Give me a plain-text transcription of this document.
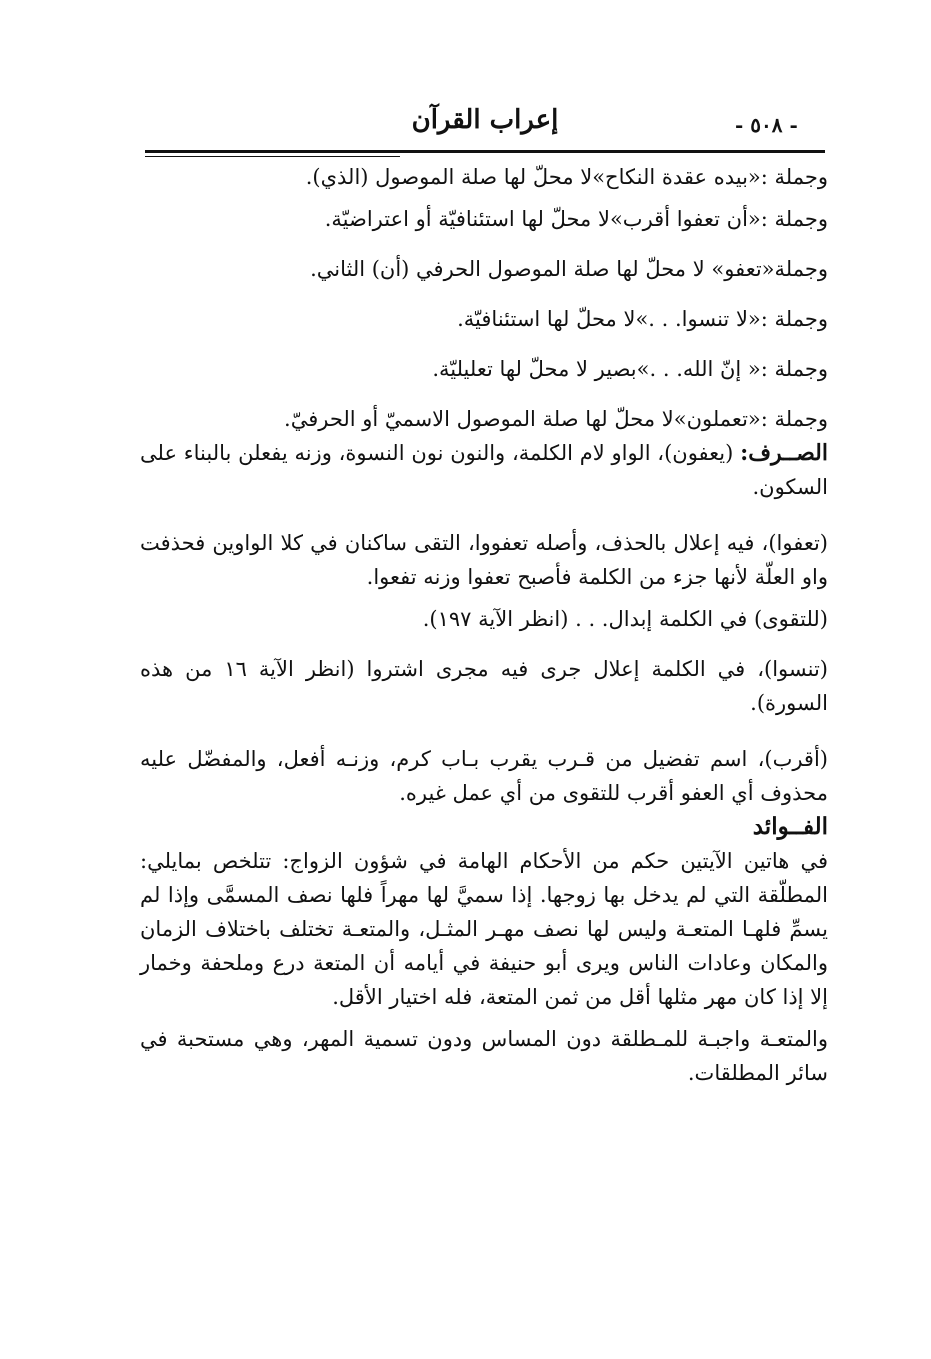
إعراب القرآن	- ٥٠٨ -

وجملة :«بيده عقدة النكاح»لا محلّ لها صلة الموصول (الذي).

وجملة :«أن تعفوا أقرب»لا محلّ لها استئنافيّة أو اعتراضيّة.

وجملة«تعفو» لا محلّ لها صلة الموصول الحرفي (أن) الثاني.

وجملة :«لا تنسوا. . .»لا محلّ لها استئنافيّة.

وجملة :« إنّ الله. . .»بصير لا محلّ لها تعليليّة.

وجملة :«تعملون»لا محلّ لها صلة الموصول الاسميّ أو الحرفيّ.

الصــرف: (يعفون)، الواو لام الكلمة، والنون نون النسوة، وزنه يفعلن بالبناء على السكون.

(تعفوا)، فيه إعلال بالحذف، وأصله تعفووا، التقى ساكنان في كلا الواوين فحذفت واو العلّة لأنها جزء من الكلمة فأصبح تعفوا وزنه تفعوا.

(للتقوى) في الكلمة إبدال. . . (انظر الآية ١٩٧).

(تنسوا)، في الكلمة إعلال جرى فيه مجرى اشتروا (انظر الآية ١٦ من هذه السورة).

(أقرب)، اسم تفضيل من قـرب يقرب بـاب كرم، وزنـه أفعل، والمفضّل عليه محذوف أي العفو أقرب للتقوى من أي عمل غيره.

الفــوائد

في هاتين الآيتين حكم من الأحكام الهامة في شؤون الزواج: تتلخص بمايلي: المطلّقة التي لم يدخل بها زوجها. إذا سميَّ لها مهراً فلها نصف المسمَّى وإذا لم يسمِّ فلهـا المتعـة وليس لها نصف مهـر المثـل، والمتعـة تختلف باختلاف الزمان والمكان وعادات الناس ويرى أبو حنيفة في أيامه أن المتعة درع وملحفة وخمار إلا إذا كان مهر مثلها أقل من ثمن المتعة، فله اختيار الأقل.

والمتعـة واجبـة للمـطلقة دون المساس ودون تسمية المهر، وهي مستحبة في سائر المطلقات.
